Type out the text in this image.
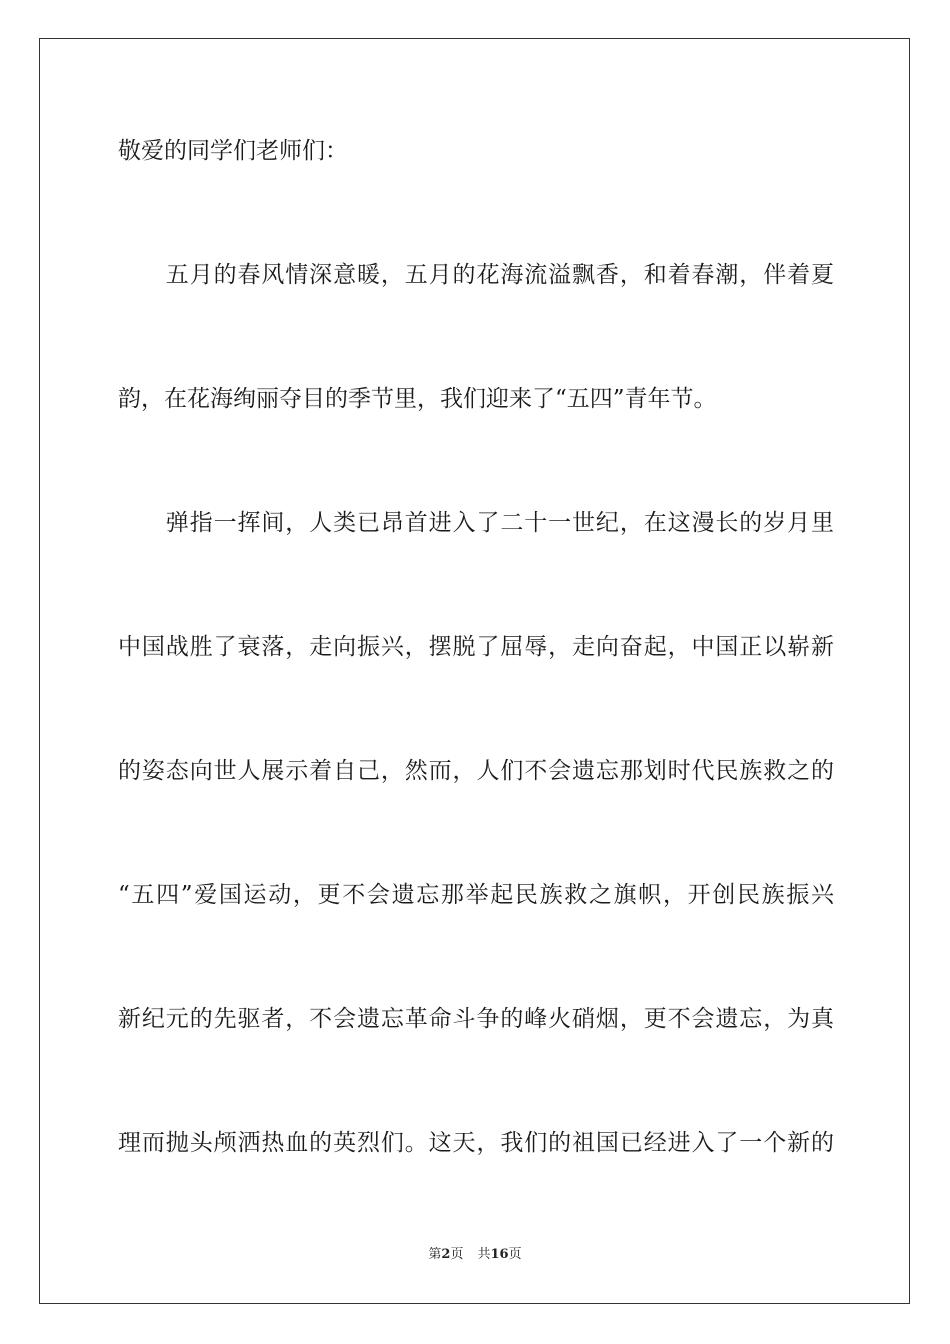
敬爱的同学们老师们：
　　五月的春风情深意暖，五月的花海流溢飘香，和着春潮，伴着夏
韵，在花海绚丽夺目的季节里，我们迎来了“五四”青年节。
　　弹指一挥间，人类已昂首进入了二十一世纪，在这漫长的岁月里
中国战胜了衰落，走向振兴，摆脱了屈辱，走向奋起，中国正以崭新
的姿态向世人展示着自己，然而，人们不会遗忘那划时代民族救之的
“五四”爱国运动，更不会遗忘那举起民族救之旗帜，开创民族振兴
新纪元的先驱者，不会遗忘革命斗争的峰火硝烟，更不会遗忘，为真
理而抛头颅洒热血的英烈们。这天，我们的祖国已经进入了一个新的
第2页 共16页
